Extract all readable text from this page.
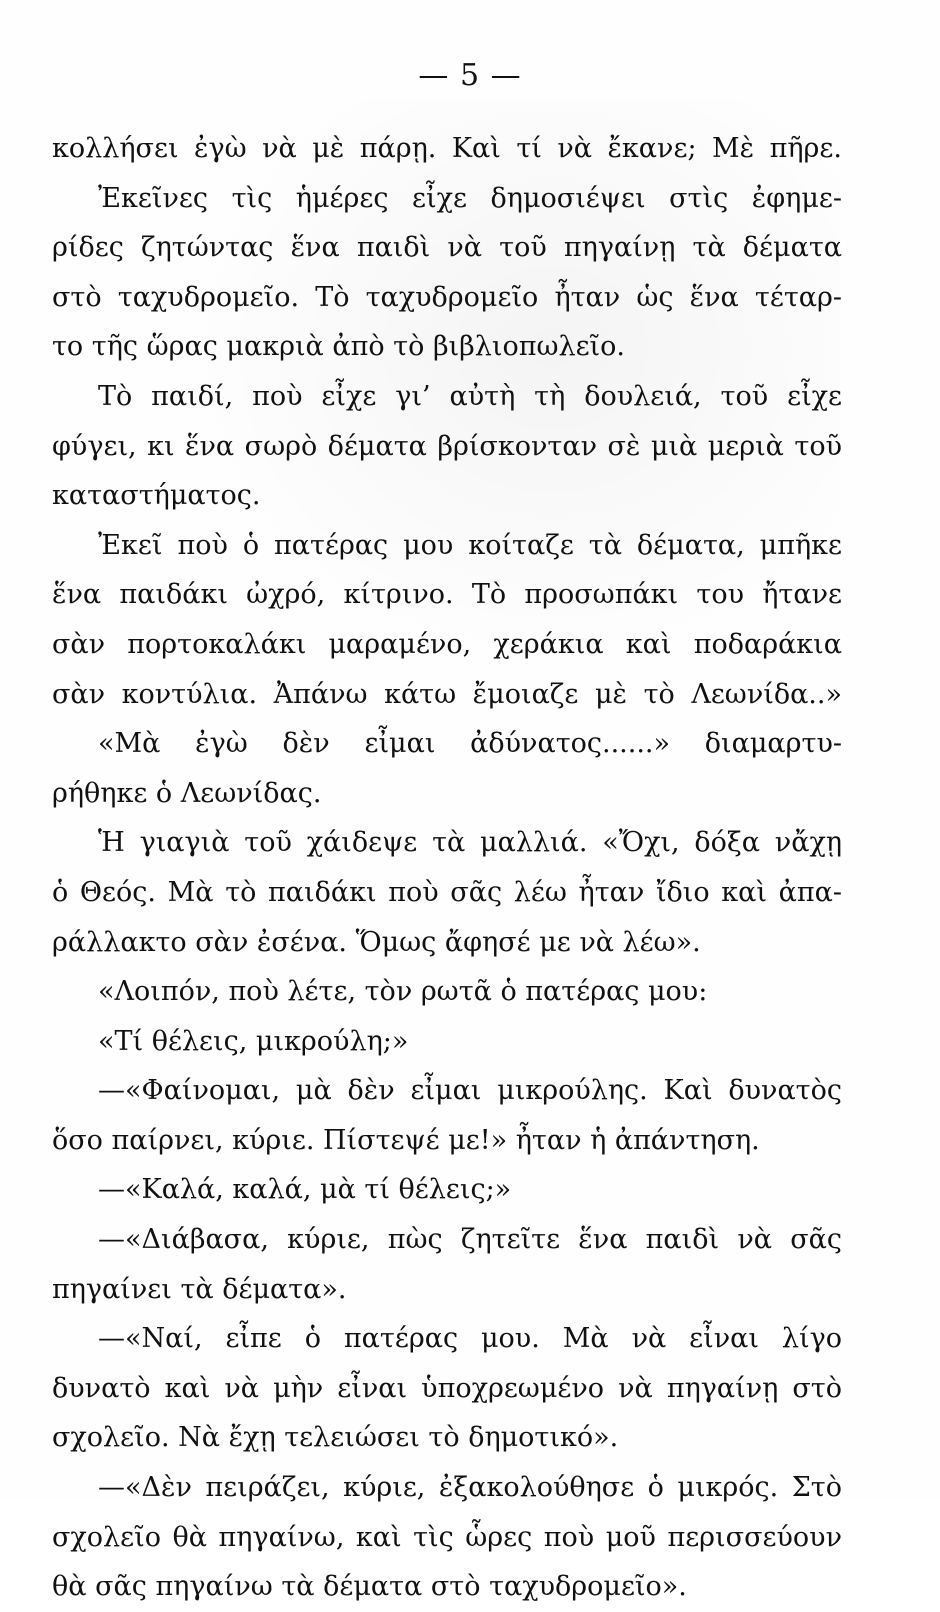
— 5 —
κολλήσει ἐγὼ νὰ μὲ πάρῃ. Καὶ τί νὰ ἔκανε; Μὲ πῆρε.
Ἐκεῖνες τὶς ἡμέρες εἶχε δημοσιέψει στὶς ἐφημε-
ρίδες ζητώντας ἕνα παιδὶ νὰ τοῦ πηγαίνῃ τὰ δέματα
στὸ ταχυδρομεῖο. Τὸ ταχυδρομεῖο ἦταν ὡς ἕνα τέταρ-
το τῆς ὥρας μακριὰ ἀπὸ τὸ βιβλιοπωλεῖο.
Τὸ παιδί, ποὺ εἶχε γι’ αὐτὴ τὴ δουλειά, τοῦ εἶχε
φύγει, κι ἕνα σωρὸ δέματα βρίσκονταν σὲ μιὰ μεριὰ τοῦ
καταστήματος.
Ἐκεῖ ποὺ ὁ πατέρας μου κοίταζε τὰ δέματα, μπῆκε
ἕνα παιδάκι ὠχρό, κίτρινο. Τὸ προσωπάκι του ἤτανε
σὰν πορτοκαλάκι μαραμένο, χεράκια καὶ ποδαράκια
σὰν κοντύλια. Ἀπάνω κάτω ἔμοιαζε μὲ τὸ Λεωνίδα..»
«Μὰ ἐγὼ δὲν εἶμαι ἀδύνατος......» διαμαρτυ-
ρήθηκε ὁ Λεωνίδας.
Ἡ γιαγιὰ τοῦ χάιδεψε τὰ μαλλιά. «Ὄχι, δόξα νἄχῃ
ὁ Θεός. Μὰ τὸ παιδάκι ποὺ σᾶς λέω ἦταν ἴδιο καὶ ἀπα-
ράλλακτο σὰν ἐσένα. Ὅμως ἄφησέ με νὰ λέω».
«Λοιπόν, ποὺ λέτε, τὸν ρωτᾶ ὁ πατέρας μου:
«Τί θέλεις, μικρούλη;»
—«Φαίνομαι, μὰ δὲν εἶμαι μικρούλης. Καὶ δυνατὸς
ὅσο παίρνει, κύριε. Πίστεψέ με!» ἦταν ἡ ἀπάντηση.
—«Καλά, καλά, μὰ τί θέλεις;»
—«Διάβασα, κύριε, πὼς ζητεῖτε ἕνα παιδὶ νὰ σᾶς
πηγαίνει τὰ δέματα».
—«Ναί, εἶπε ὁ πατέρας μου. Μὰ νὰ εἶναι λίγο
δυνατὸ καὶ νὰ μὴν εἶναι ὑποχρεωμένο νὰ πηγαίνῃ στὸ
σχολεῖο. Νὰ ἔχῃ τελειώσει τὸ δημοτικό».
—«Δὲν πειράζει, κύριε, ἐξακολούθησε ὁ μικρός. Στὸ
σχολεῖο θὰ πηγαίνω, καὶ τὶς ὧρες ποὺ μοῦ περισσεύουν
θὰ σᾶς πηγαίνω τὰ δέματα στὸ ταχυδρομεῖο».
